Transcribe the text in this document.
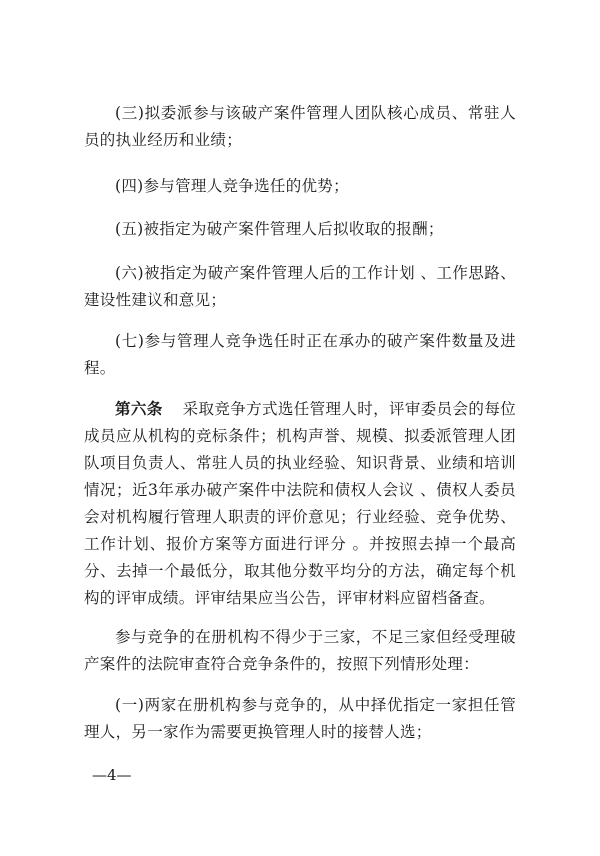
(三)拟委派参与该破产案件管理人团队核心成员、常驻人员的执业经历和业绩；

(四)参与管理人竞争选任的优势；

(五)被指定为破产案件管理人后拟收取的报酬；

(六)被指定为破产案件管理人后的工作计划 、工作思路、建设性建议和意见；

(七)参与管理人竞争选任时正在承办的破产案件数量及进程。

第六条 采取竞争方式选任管理人时，评审委员会的每位成员应从机构的竞标条件；机构声誉、规模、拟委派管理人团队项目负责人、常驻人员的执业经验、知识背景、业绩和培训情况；近3年承办破产案件中法院和债权人会议 、债权人委员会对机构履行管理人职责的评价意见；行业经验、竞争优势、工作计划、报价方案等方面进行评分 。并按照去掉一个最高分、去掉一个最低分，取其他分数平均分的方法，确定每个机构的评审成绩。评审结果应当公告，评审材料应留档备查。

参与竞争的在册机构不得少于三家，不足三家但经受理破产案件的法院审查符合竞争条件的，按照下列情形处理：

(一)两家在册机构参与竞争的，从中择优指定一家担任管理人，另一家作为需要更换管理人时的接替人选；

—4—
